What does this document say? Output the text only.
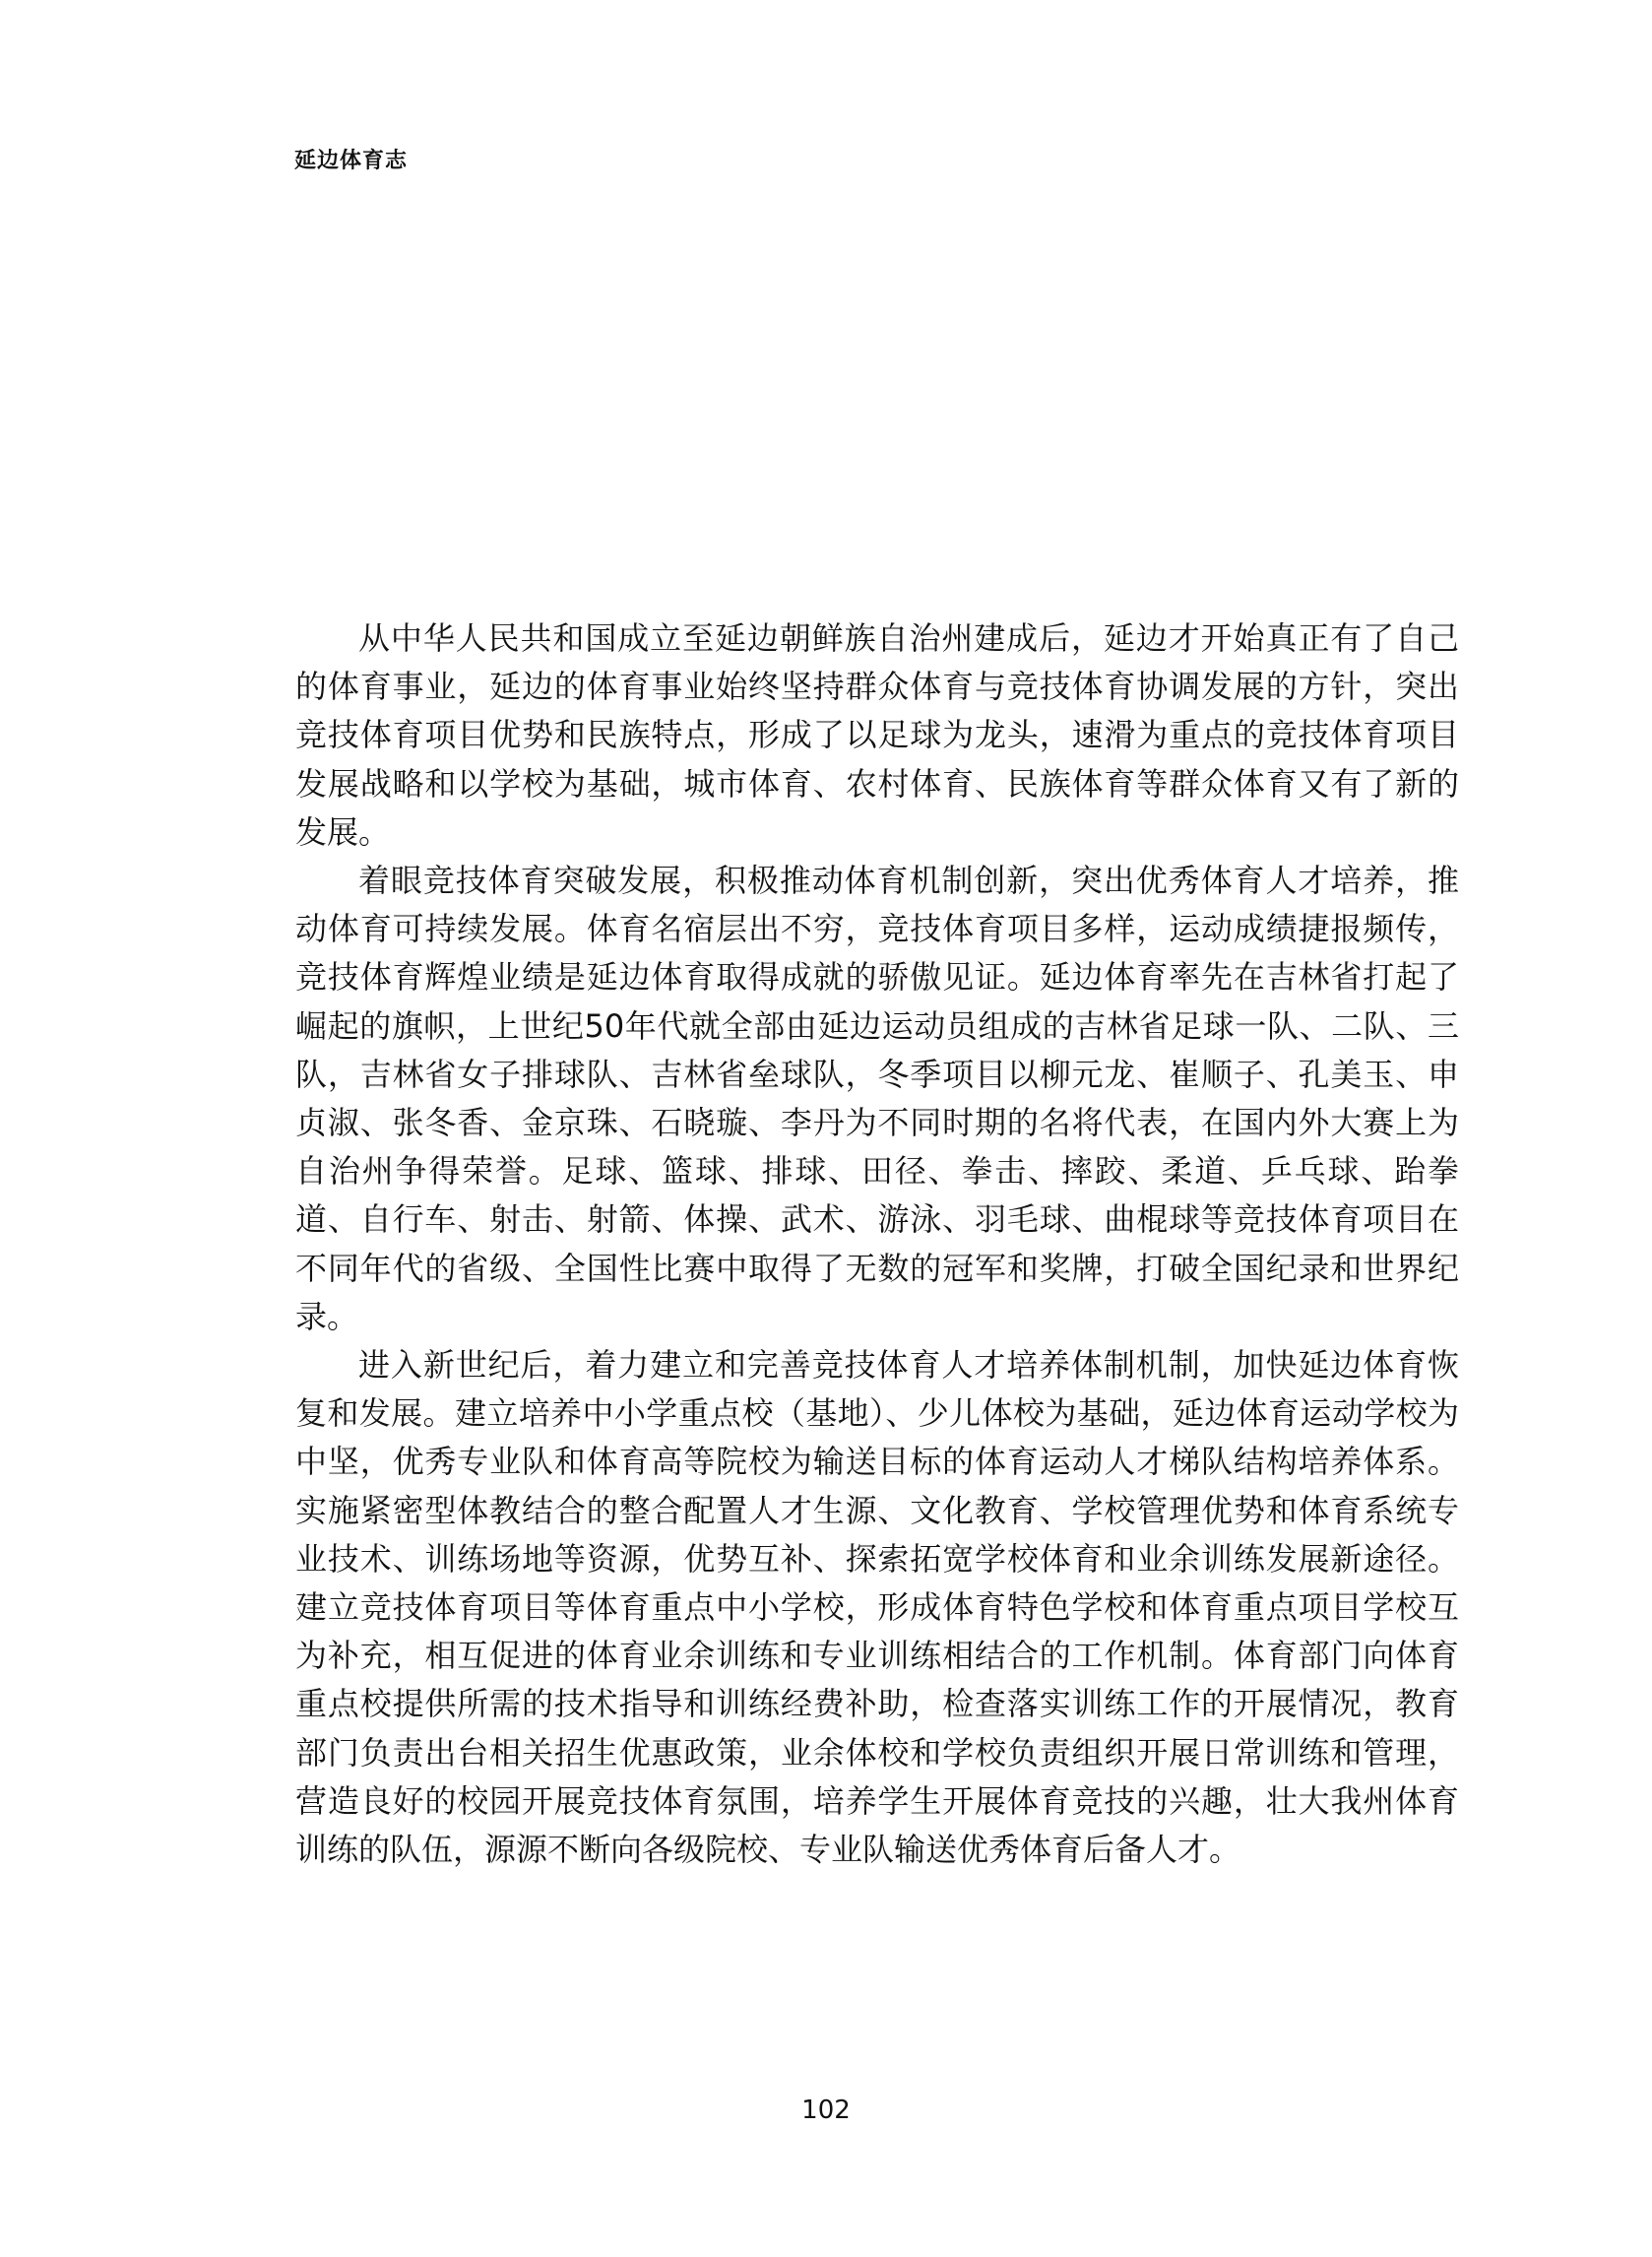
延边体育志

从中华人民共和国成立至延边朝鲜族自治州建成后，延边才开始真正有了自己的体育事业，延边的体育事业始终坚持群众体育与竞技体育协调发展的方针，突出竞技体育项目优势和民族特点，形成了以足球为龙头，速滑为重点的竞技体育项目发展战略和以学校为基础，城市体育、农村体育、民族体育等群众体育又有了新的发展。

着眼竞技体育突破发展，积极推动体育机制创新，突出优秀体育人才培养，推动体育可持续发展。体育名宿层出不穷，竞技体育项目多样，运动成绩捷报频传，竞技体育辉煌业绩是延边体育取得成就的骄傲见证。延边体育率先在吉林省打起了崛起的旗帜，上世纪50年代就全部由延边运动员组成的吉林省足球一队、二队、三队，吉林省女子排球队、吉林省垒球队，冬季项目以柳元龙、崔顺子、孔美玉、申贞淑、张冬香、金京珠、石晓璇、李丹为不同时期的名将代表，在国内外大赛上为自治州争得荣誉。足球、篮球、排球、田径、拳击、摔跤、柔道、乒乓球、跆拳道、自行车、射击、射箭、体操、武术、游泳、羽毛球、曲棍球等竞技体育项目在不同年代的省级、全国性比赛中取得了无数的冠军和奖牌，打破全国纪录和世界纪录。

进入新世纪后，着力建立和完善竞技体育人才培养体制机制，加快延边体育恢复和发展。建立培养中小学重点校（基地）、少儿体校为基础，延边体育运动学校为中坚，优秀专业队和体育高等院校为输送目标的体育运动人才梯队结构培养体系。实施紧密型体教结合的整合配置人才生源、文化教育、学校管理优势和体育系统专业技术、训练场地等资源，优势互补、探索拓宽学校体育和业余训练发展新途径。建立竞技体育项目等体育重点中小学校，形成体育特色学校和体育重点项目学校互为补充，相互促进的体育业余训练和专业训练相结合的工作机制。体育部门向体育重点校提供所需的技术指导和训练经费补助，检查落实训练工作的开展情况，教育部门负责出台相关招生优惠政策，业余体校和学校负责组织开展日常训练和管理，营造良好的校园开展竞技体育氛围，培养学生开展体育竞技的兴趣，壮大我州体育训练的队伍，源源不断向各级院校、专业队输送优秀体育后备人才。

102
